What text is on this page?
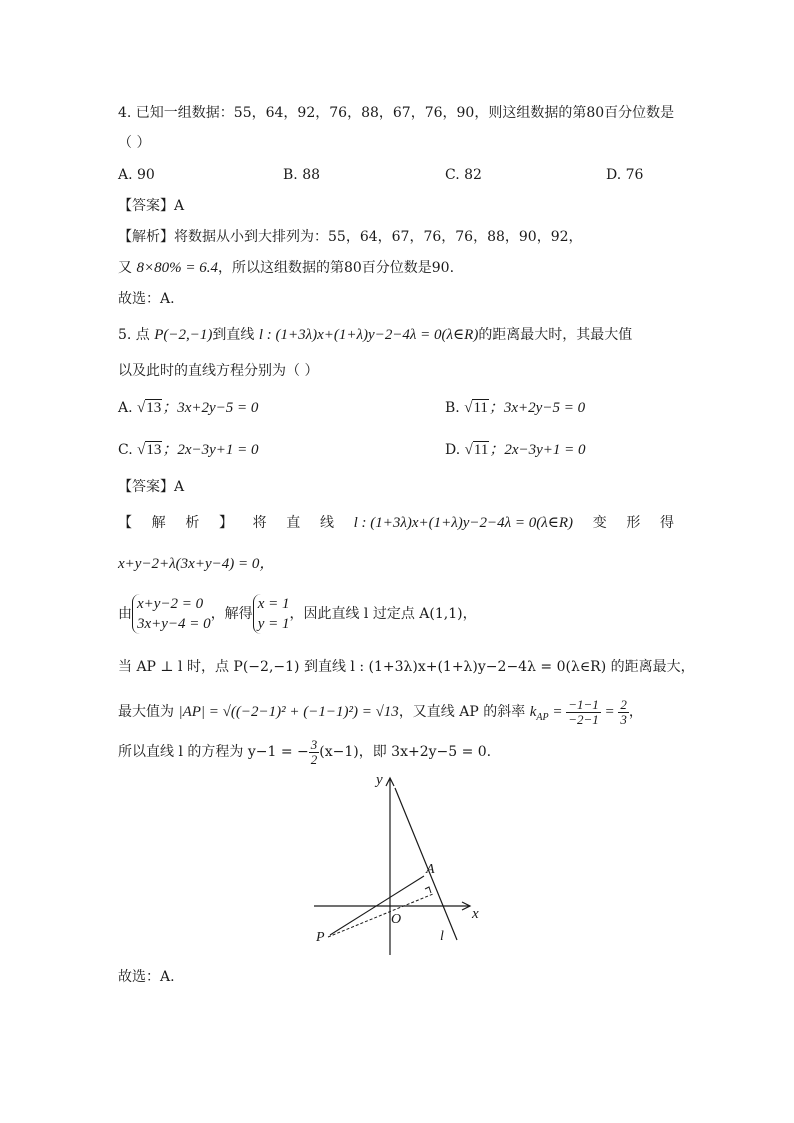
4. 已知一组数据：55，64，92，76，88，67，76，90，则这组数据的第80百分位数是
（ ）
A. 90	B. 88	C. 82	D. 76
【答案】A
【解析】将数据从小到大排列为：55，64，67，76，76，88，90，92，
又 8×80% = 6.4，所以这组数据的第80百分位数是90.
故选：A.
5. 点 P(−2,−1)到直线 l : (1+3λ)x+(1+λ)y−2−4λ = 0(λ∈R)的距离最大时，其最大值
以及此时的直线方程分别为（ ）
A. √13；3x+2y−5 = 0	B. √11；3x+2y−5 = 0
C. √13；2x−3y+1 = 0	D. √11；2x−3y+1 = 0
【答案】A
【 解 析 】 将 直 线 l : (1+3λ)x+(1+λ)y−2−4λ = 0(λ∈R) 变 形 得
x+y−2+λ(3x+y−4) = 0，
由
x+y−2 = 0
3x+y−4 = 0
，解得
x = 1
y = 1
，因此直线 l 过定点 A(1,1)，
当 AP ⊥ l 时，点 P(−2,−1) 到直线 l : (1+3λ)x+(1+λ)y−2−4λ = 0(λ∈R) 的距离最大，
最大值为 |AP| = √((−2−1)² + (−1−1)²) = √13，又直线 AP 的斜率 $k_{AP} = \frac{-1-1}{-2-1} = \frac{2}{3}$ ，
所以直线 l 的方程为 y−1 = − $\frac{3}{2} (x-1)$，即 3x+2y−5 = 0.
y
x
O
A
P	l
故选：A.
